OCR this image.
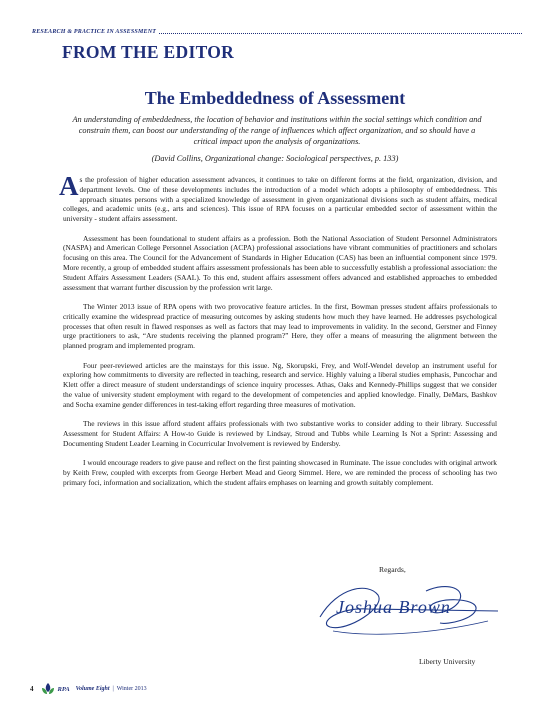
RESEARCH & PRACTICE IN ASSESSMENT
FROM THE EDITOR
The Embeddedness of Assessment
An understanding of embeddedness, the location of behavior and institutions within the social settings which condition and constrain them, can boost our understanding of the range of influences which affect organization, and so should have a critical impact upon the analysis of organizations.
(David Collins, Organizational change: Sociological perspectives, p. 133)

As the profession of higher education assessment advances, it continues to take on different forms at the field, organization, division, and department levels. One of these developments includes the introduction of a model which adopts a philosophy of embeddedness. This approach situates persons with a specialized knowledge of assessment in given organizational divisions such as student affairs, medical colleges, and academic units (e.g., arts and sciences). This issue of RPA focuses on a particular embedded sector of assessment within the university - student affairs assessment.

Assessment has been foundational to student affairs as a profession. Both the National Association of Student Personnel Administrators (NASPA) and American College Personnel Association (ACPA) professional associations have vibrant communities of practitioners and scholars focusing on this area. The Council for the Advancement of Standards in Higher Education (CAS) has been an influential component since 1979. More recently, a group of embedded student affairs assessment professionals has been able to successfully establish a professional association: the Student Affairs Assessment Leaders (SAAL). To this end, student affairs assessment offers advanced and established approaches to embedded assessment that warrant further discussion by the profession writ large.

The Winter 2013 issue of RPA opens with two provocative feature articles. In the first, Bowman presses student affairs professionals to critically examine the widespread practice of measuring outcomes by asking students how much they have learned. He addresses psychological processes that often result in flawed responses as well as factors that may lead to improvements in validity. In the second, Gerstner and Finney urge practitioners to ask, “Are students receiving the planned program?” Here, they offer a means of measuring the alignment between the planned program and implemented program.

Four peer-reviewed articles are the mainstays for this issue. Ng, Skorupski, Frey, and Wolf-Wendel develop an instrument useful for exploring how commitments to diversity are reflected in teaching, research and service. Highly valuing a liberal studies emphasis, Puncochar and Klett offer a direct measure of student understandings of science inquiry processes. Athas, Oaks and Kennedy-Phillips suggest that we consider the value of university student employment with regard to the development of competencies and applied knowledge. Finally, DeMars, Bashkov and Socha examine gender differences in test-taking effort regarding three measures of motivation.

The reviews in this issue afford student affairs professionals with two substantive works to consider adding to their library. Successful Assessment for Student Affairs: A How-to Guide is reviewed by Lindsay, Stroud and Tubbs while Learning Is Not a Sprint: Assessing and Documenting Student Leader Learning in Cocurricular Involvement is reviewed by Endersby.

I would encourage readers to give pause and reflect on the first painting showcased in Ruminate. The issue concludes with original artwork by Keith Frew, coupled with excerpts from George Herbert Mead and Georg Simmel. Here, we are reminded the process of schooling has two primary foci, information and socialization, which the student affairs emphases on learning and growth suitably complement.

Regards,
Joshua Brown
Liberty University
4	RPA Volume Eight | Winter 2013
